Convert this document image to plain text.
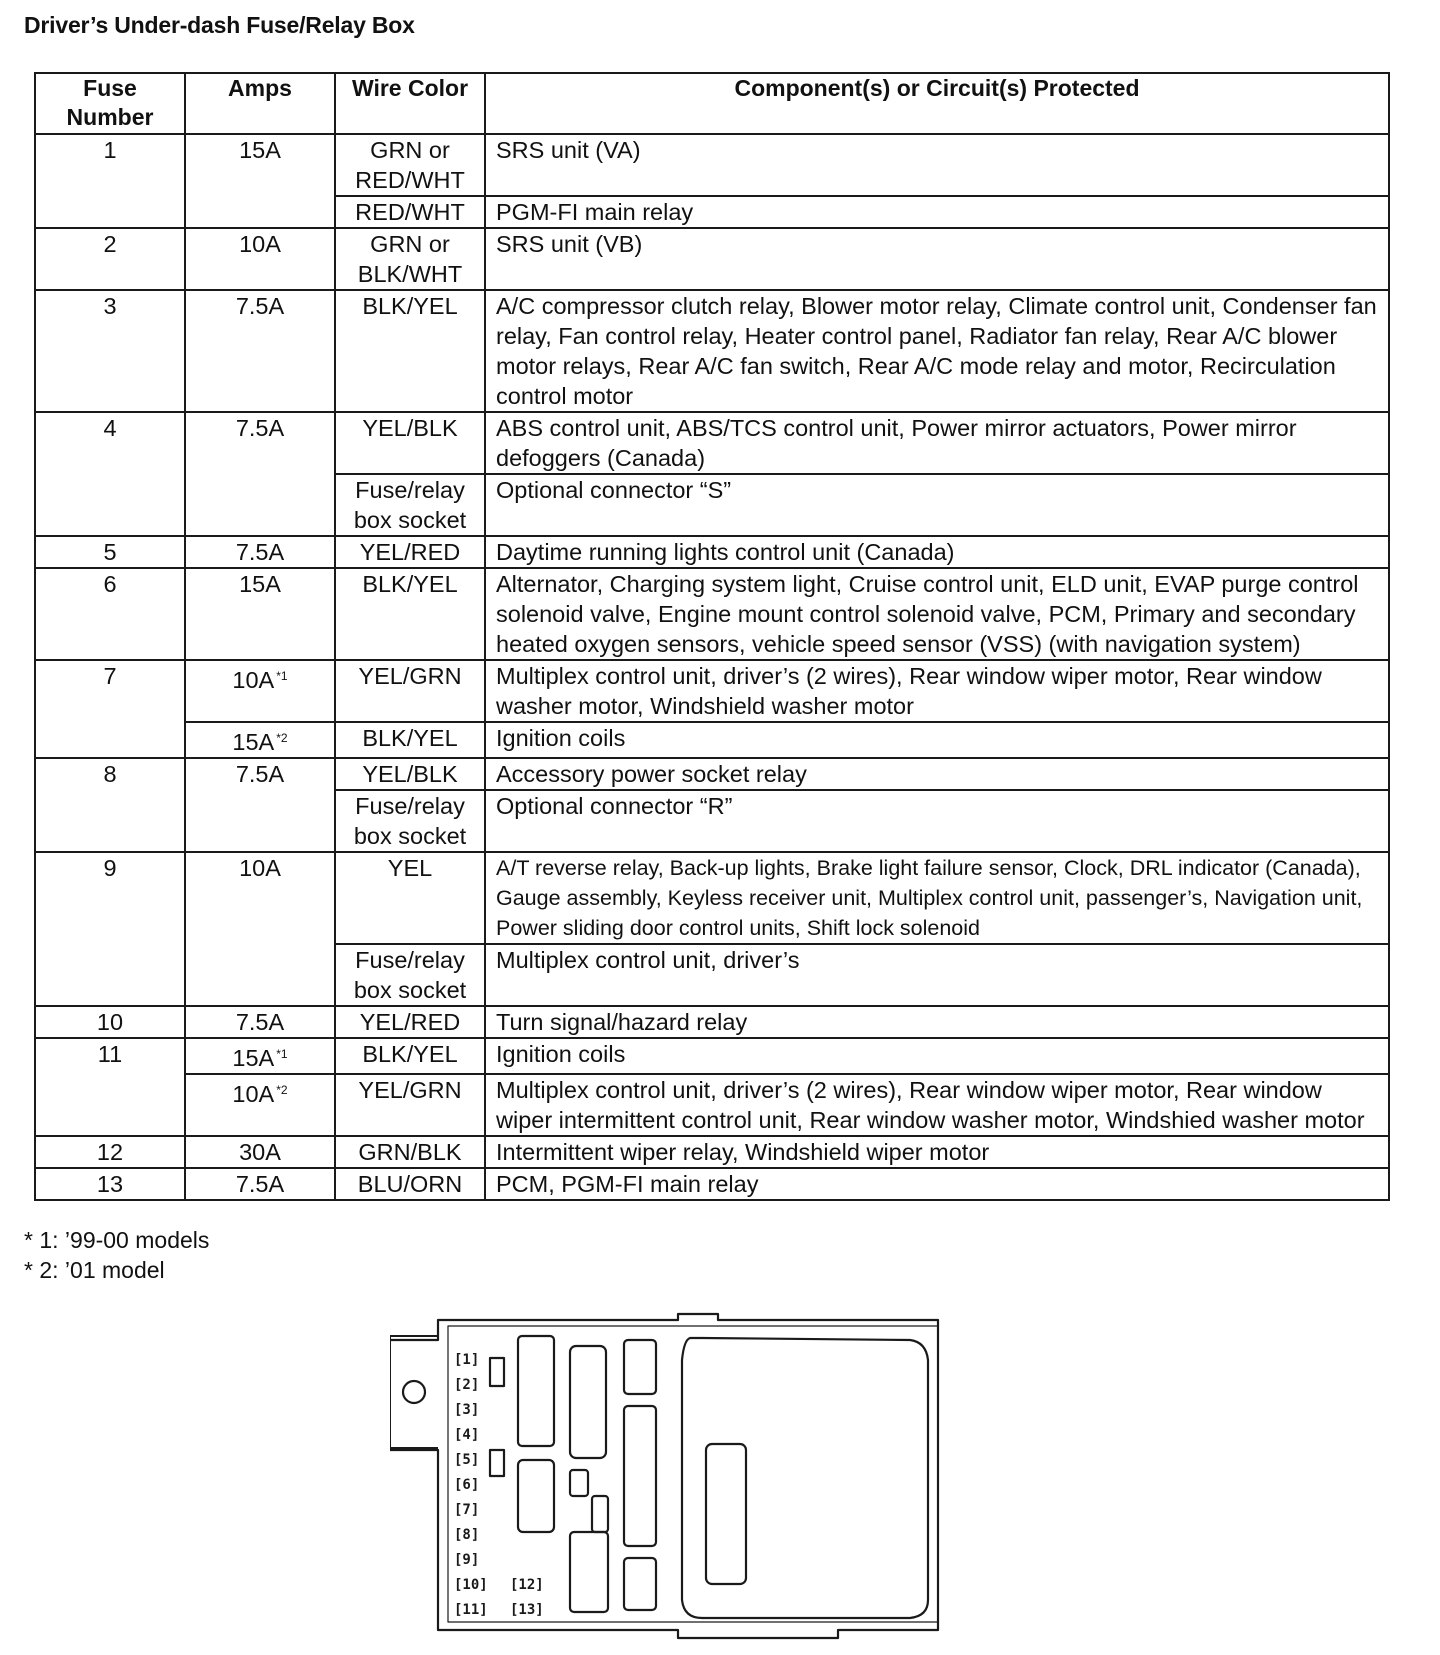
Driver’s Under-dash Fuse/Relay Box
Fuse Number	Amps	Wire Color	Component(s) or Circuit(s) Protected
1	15A	GRN or RED/WHT	SRS unit (VA)
		RED/WHT	PGM-FI main relay
2	10A	GRN or BLK/WHT	SRS unit (VB)
3	7.5A	BLK/YEL	A/C compressor clutch relay, Blower motor relay, Climate control unit, Condenser fan relay, Fan control relay, Heater control panel, Radiator fan relay, Rear A/C blower motor relays, Rear A/C fan switch, Rear A/C mode relay and motor, Recirculation control motor
4	7.5A	YEL/BLK	ABS control unit, ABS/TCS control unit, Power mirror actuators, Power mirror defoggers (Canada)
		Fuse/relay box socket	Optional connector “S”
5	7.5A	YEL/RED	Daytime running lights control unit (Canada)
6	15A	BLK/YEL	Alternator, Charging system light, Cruise control unit, ELD unit, EVAP purge control solenoid valve, Engine mount control solenoid valve, PCM, Primary and secondary heated oxygen sensors, vehicle speed sensor (VSS) (with navigation system)
7	10A $^{*1}$	YEL/GRN	Multiplex control unit, driver’s (2 wires), Rear window wiper motor, Rear window washer motor, Windshield washer motor
	15A $^{*2}$	BLK/YEL	Ignition coils
8	7.5A	YEL/BLK	Accessory power socket relay
		Fuse/relay box socket	Optional connector “R”
9	10A	YEL	A/T reverse relay, Back-up lights, Brake light failure sensor, Clock, DRL indicator (Canada), Gauge assembly, Keyless receiver unit, Multiplex control unit, passenger’s, Navigation unit, Power sliding door control units, Shift lock solenoid
		Fuse/relay box socket	Multiplex control unit, driver’s
10	7.5A	YEL/RED	Turn signal/hazard relay
11	15A $^{*1}$	BLK/YEL	Ignition coils
	10A $^{*2}$	YEL/GRN	Multiplex control unit, driver’s (2 wires), Rear window wiper motor, Rear window wiper intermittent control unit, Rear window washer motor, Windshied washer motor
12	30A	GRN/BLK	Intermittent wiper relay, Windshield wiper motor
13	7.5A	BLU/ORN	PCM, PGM-FI main relay
* 1: ’99-00 models
* 2: ’01 model
[1]
[2]
[3]
[4]
[5]
[6]
[7]
[8]
[9]
[10]
[11]
[12]
[13]
